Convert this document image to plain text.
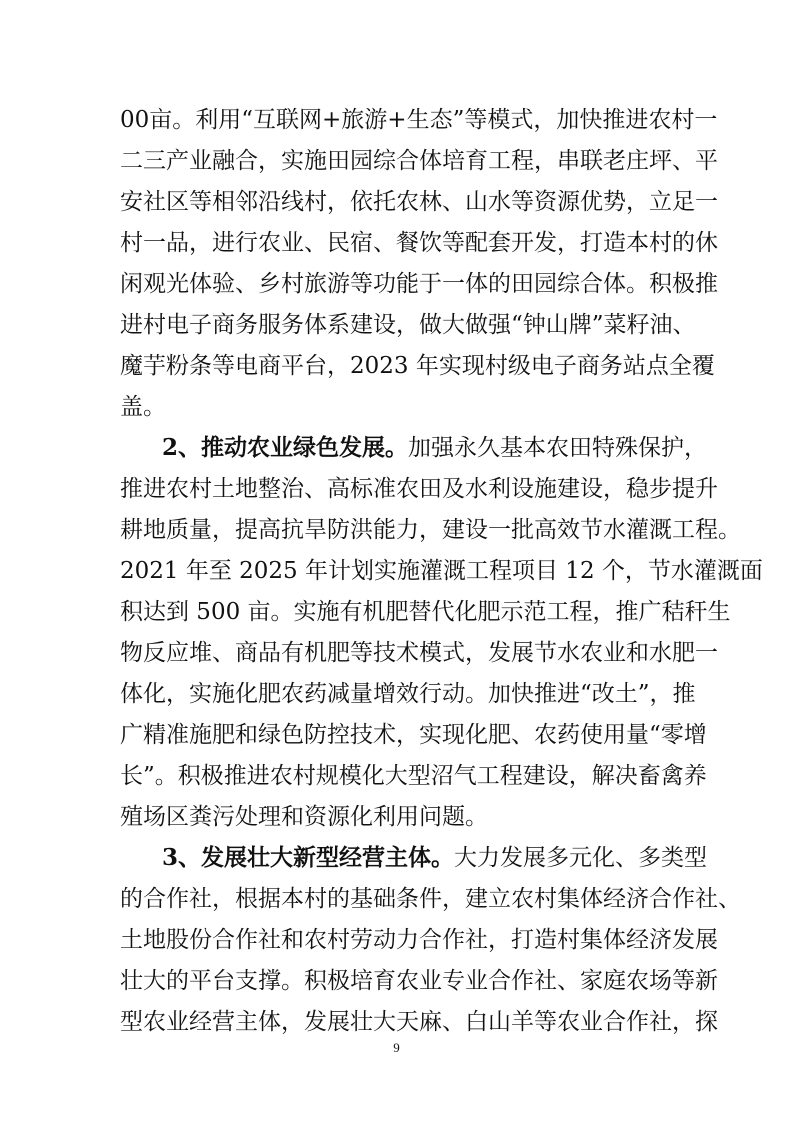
00亩。利用“互联网+旅游+生态”等模式，加快推进农村一
二三产业融合，实施田园综合体培育工程，串联老庄坪、平
安社区等相邻沿线村，依托农林、山水等资源优势，立足一
村一品，进行农业、民宿、餐饮等配套开发，打造本村的休
闲观光体验、乡村旅游等功能于一体的田园综合体。积极推
进村电子商务服务体系建设，做大做强“钟山牌”菜籽油、
魔芋粉条等电商平台，2023 年实现村级电子商务站点全覆
盖。
2、推动农业绿色发展。加强永久基本农田特殊保护，
推进农村土地整治、高标准农田及水利设施建设，稳步提升
耕地质量，提高抗旱防洪能力，建设一批高效节水灌溉工程。
2021 年至 2025 年计划实施灌溉工程项目 12 个，节水灌溉面
积达到 500 亩。实施有机肥替代化肥示范工程，推广秸秆生
物反应堆、商品有机肥等技术模式，发展节水农业和水肥一
体化，实施化肥农药减量增效行动。加快推进“改土”，推
广精准施肥和绿色防控技术，实现化肥、农药使用量“零增
长”。积极推进农村规模化大型沼气工程建设，解决畜禽养
殖场区粪污处理和资源化利用问题。
3、发展壮大新型经营主体。大力发展多元化、多类型
的合作社，根据本村的基础条件，建立农村集体经济合作社、
土地股份合作社和农村劳动力合作社，打造村集体经济发展
壮大的平台支撑。积极培育农业专业合作社、家庭农场等新
型农业经营主体，发展壮大天麻、白山羊等农业合作社，探
9
